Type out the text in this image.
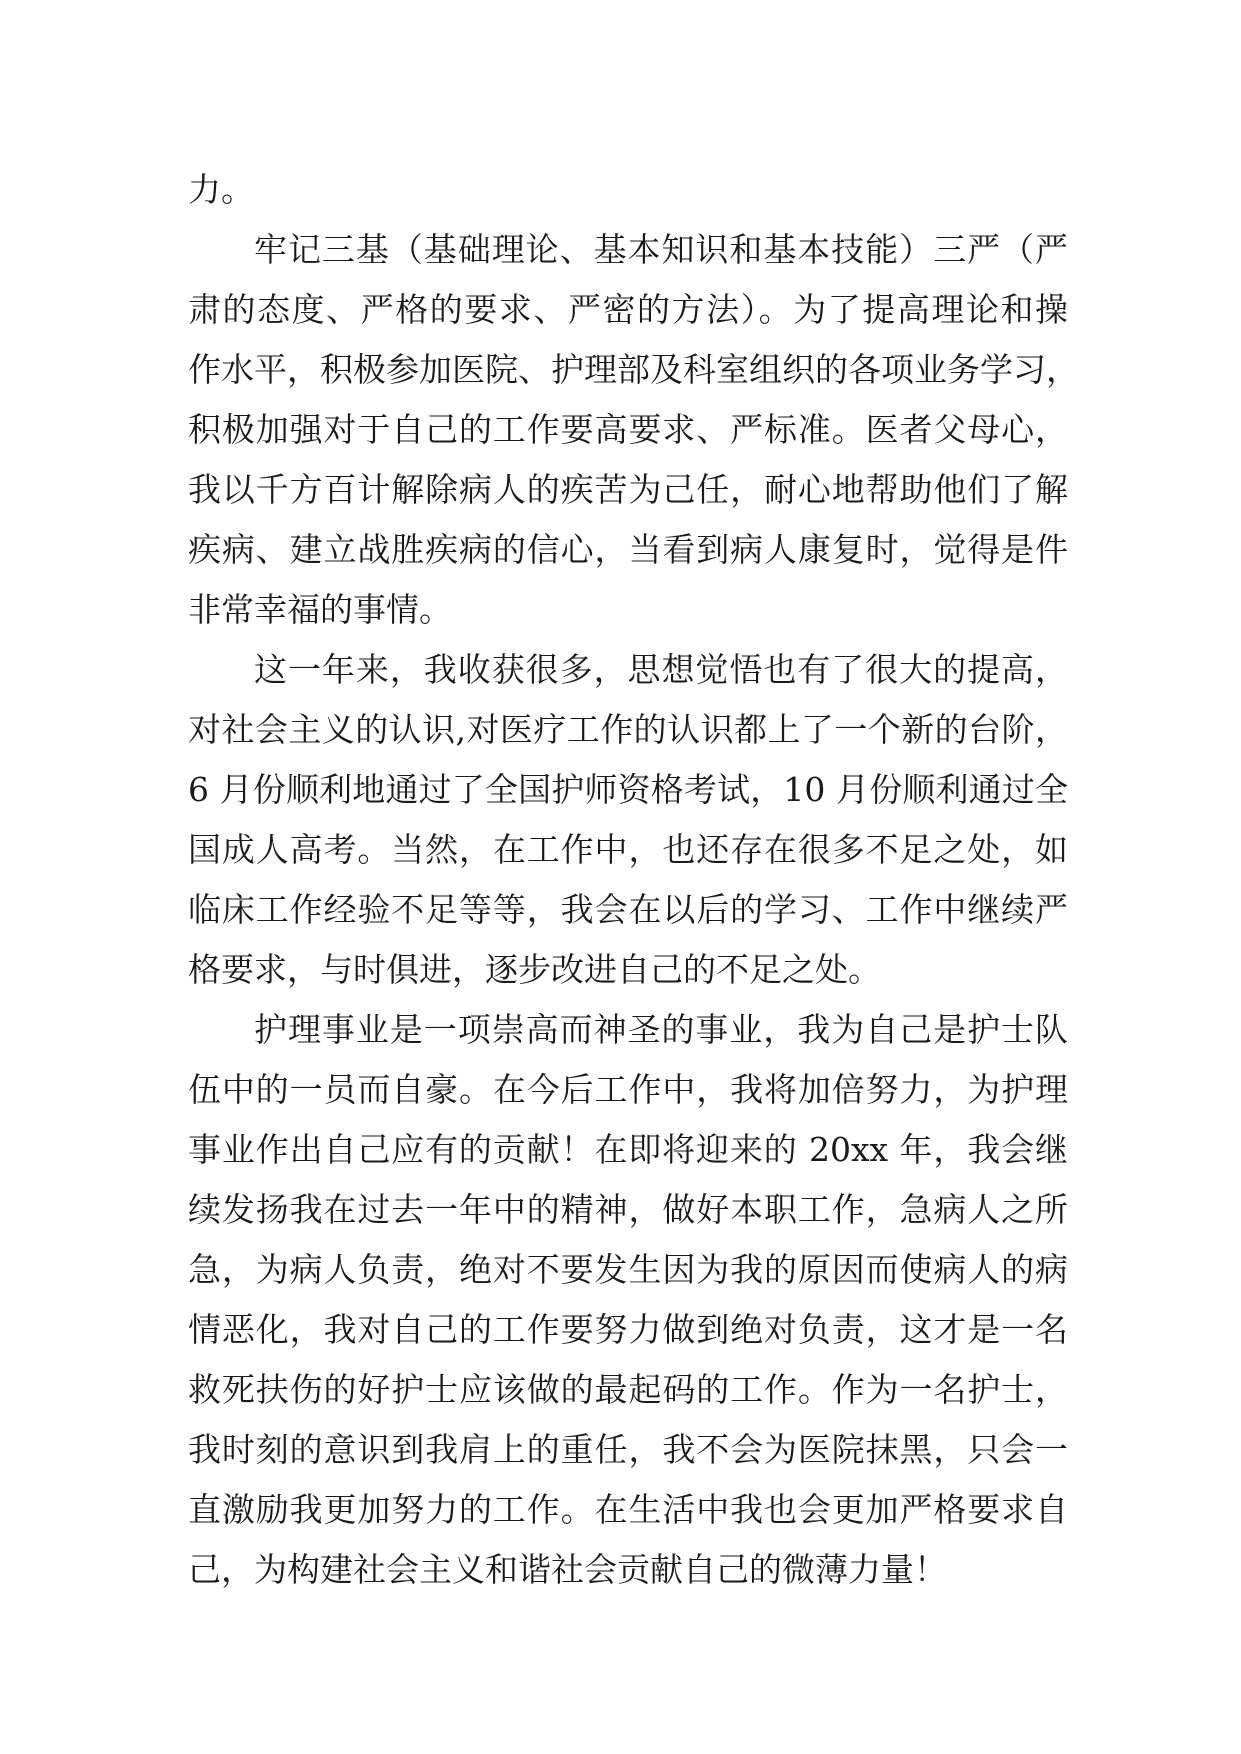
力。
牢记三基（基础理论、基本知识和基本技能）三严（严
肃的态度、严格的要求、严密的方法）。为了提高理论和操
作水平，积极参加医院、护理部及科室组织的各项业务学习，
积极加强对于自己的工作要高要求、严标准。医者父母心，
我以千方百计解除病人的疾苦为己任，耐心地帮助他们了解
疾病、建立战胜疾病的信心，当看到病人康复时，觉得是件
非常幸福的事情。
这一年来，我收获很多，思想觉悟也有了很大的提高，
对社会主义的认识,对医疗工作的认识都上了一个新的台阶，
6 月份顺利地通过了全国护师资格考试，10 月份顺利通过全
国成人高考。当然，在工作中，也还存在很多不足之处，如
临床工作经验不足等等，我会在以后的学习、工作中继续严
格要求，与时俱进，逐步改进自己的不足之处。
护理事业是一项崇高而神圣的事业，我为自己是护士队
伍中的一员而自豪。在今后工作中，我将加倍努力，为护理
事业作出自己应有的贡献！在即将迎来的 20xx 年，我会继
续发扬我在过去一年中的精神，做好本职工作，急病人之所
急，为病人负责，绝对不要发生因为我的原因而使病人的病
情恶化，我对自己的工作要努力做到绝对负责，这才是一名
救死扶伤的好护士应该做的最起码的工作。作为一名护士，
我时刻的意识到我肩上的重任，我不会为医院抹黑，只会一
直激励我更加努力的工作。在生活中我也会更加严格要求自
己，为构建社会主义和谐社会贡献自己的微薄力量！
